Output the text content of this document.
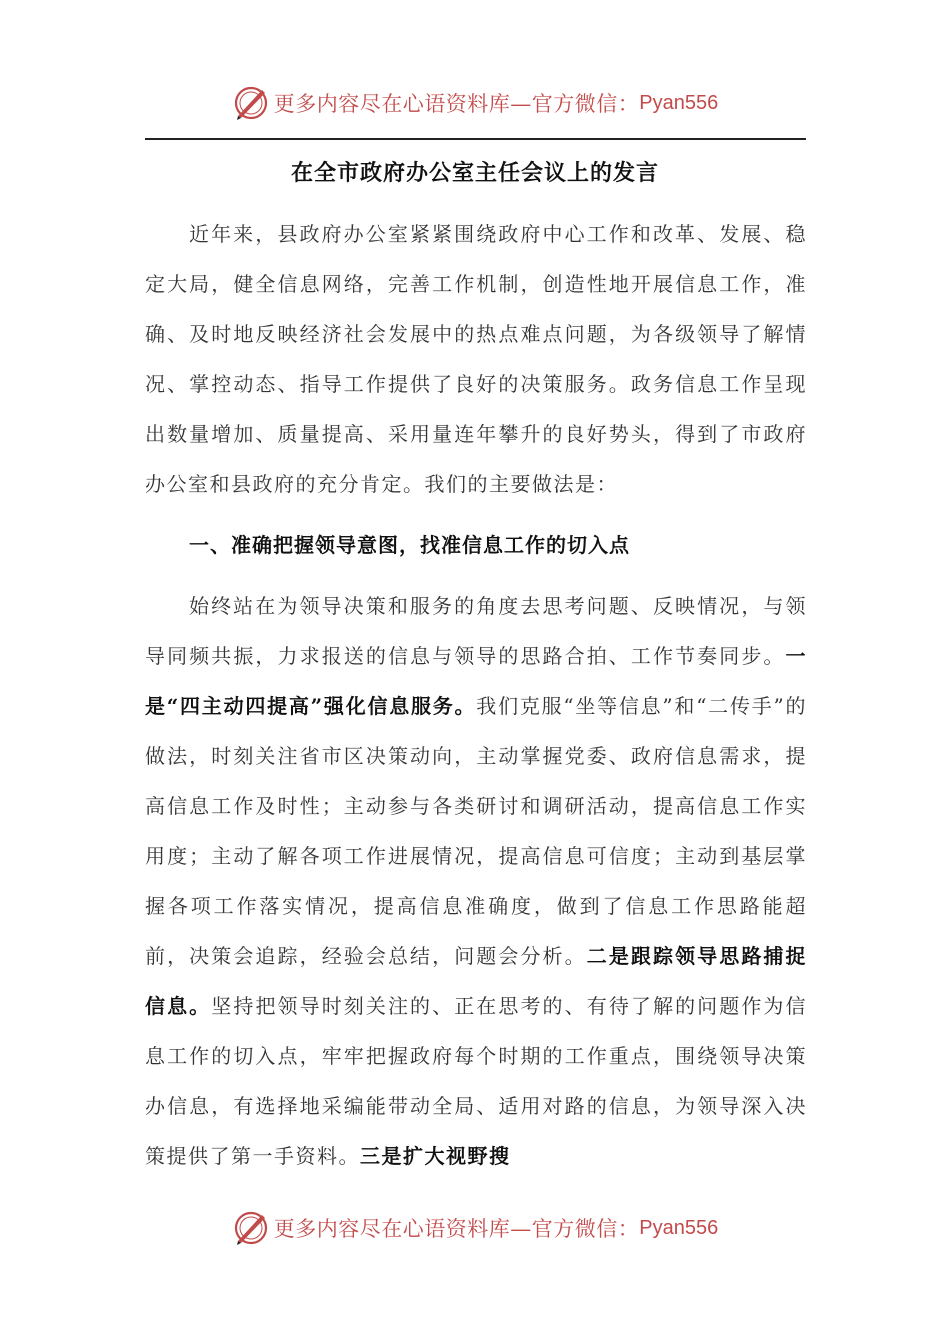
更多内容尽在心语资料库—官方微信： Pyan556
在全市政府办公室主任会议上的发言
近年来，县政府办公室紧紧围绕政府中心工作和改革、发展、稳定大局，健全信息网络，完善工作机制，创造性地开展信息工作，准确、及时地反映经济社会发展中的热点难点问题，为各级领导了解情况、掌控动态、指导工作提供了良好的决策服务。政务信息工作呈现出数量增加、质量提高、采用量连年攀升的良好势头，得到了市政府办公室和县政府的充分肯定。我们的主要做法是：
一、准确把握领导意图，找准信息工作的切入点
始终站在为领导决策和服务的角度去思考问题、反映情况，与领导同频共振，力求报送的信息与领导的思路合拍、工作节奏同步。一是“四主动四提高”强化信息服务。我们克服“坐等信息”和“二传手”的做法，时刻关注省市区决策动向，主动掌握党委、政府信息需求，提高信息工作及时性；主动参与各类研讨和调研活动，提高信息工作实用度；主动了解各项工作进展情况，提高信息可信度；主动到基层掌握各项工作落实情况，提高信息准确度，做到了信息工作思路能超前，决策会追踪，经验会总结，问题会分析。二是跟踪领导思路捕捉信息。坚持把领导时刻关注的、正在思考的、有待了解的问题作为信息工作的切入点，牢牢把握政府每个时期的工作重点，围绕领导决策办信息，有选择地采编能带动全局、适用对路的信息，为领导深入决策提供了第一手资料。三是扩大视野搜
更多内容尽在心语资料库—官方微信： Pyan556
